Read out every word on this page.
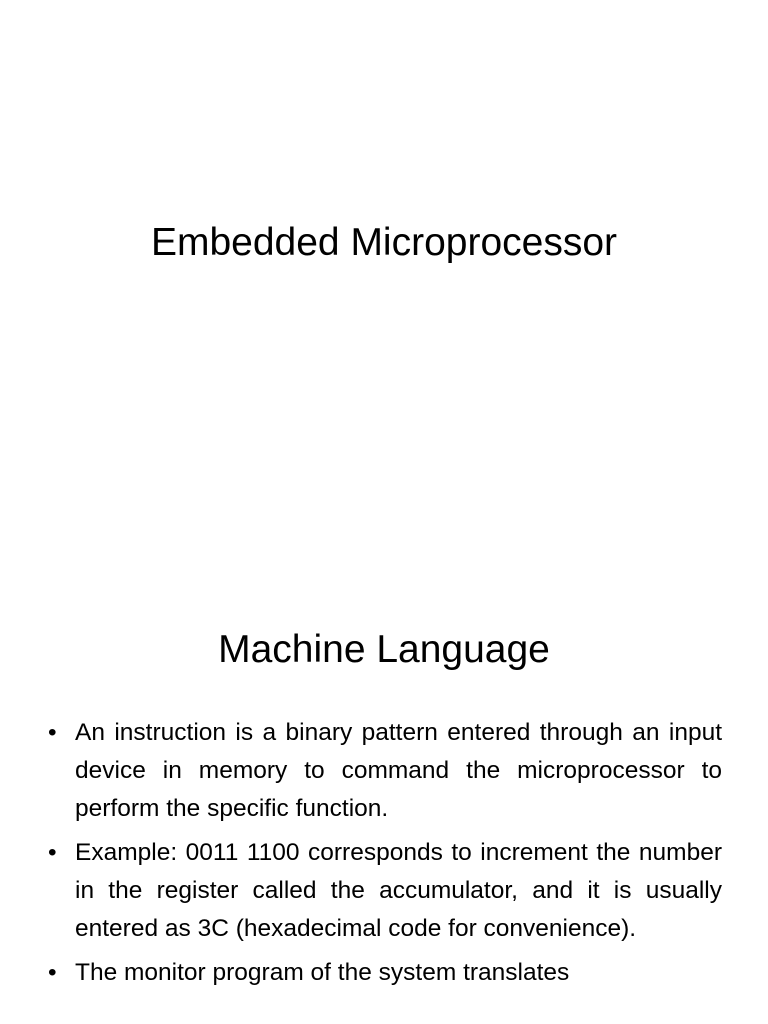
Embedded Microprocessor
Machine Language
• An instruction is a binary pattern entered through an input device in memory to command the microprocessor to perform the specific function.
• Example: 0011 1100 corresponds to increment the number in the register called the accumulator, and it is usually entered as 3C (hexadecimal code for convenience).
• The monitor program of the system translates
